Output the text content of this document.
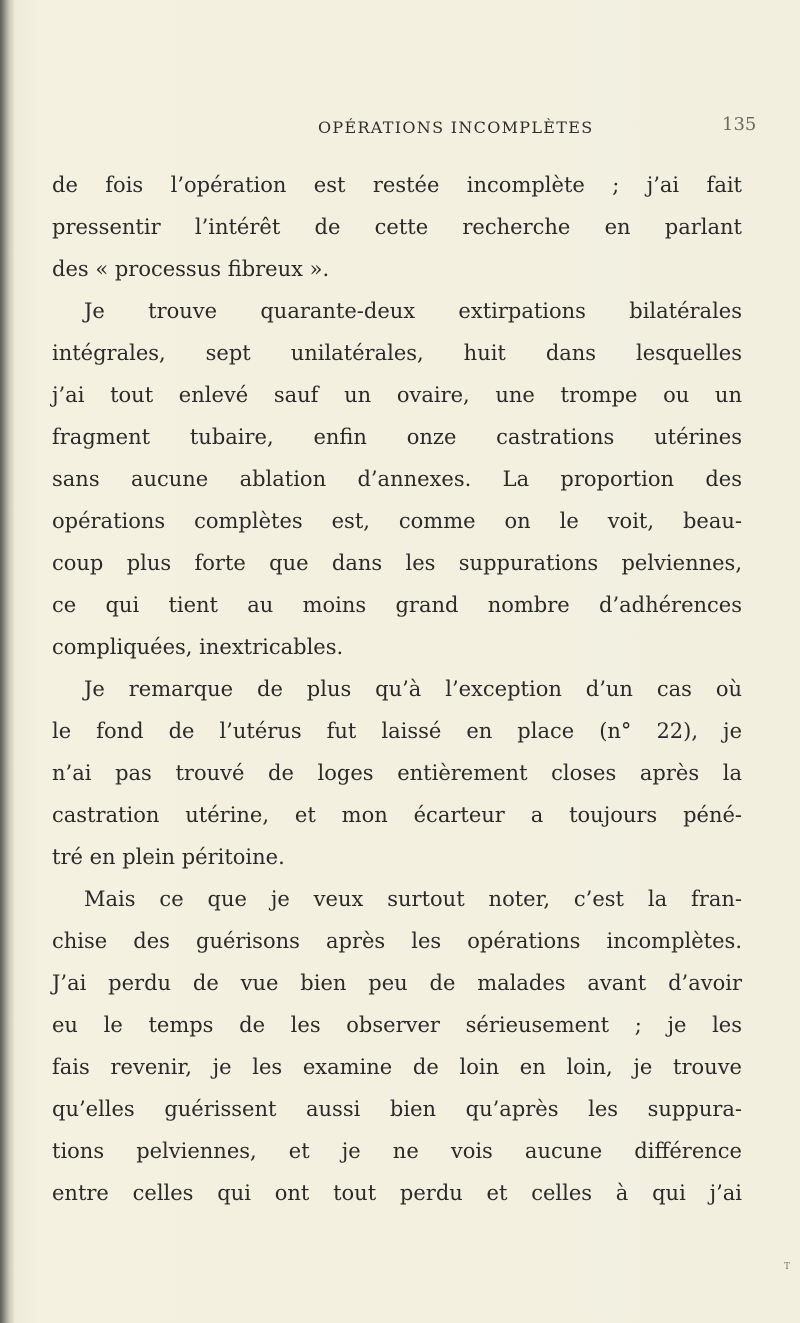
OPÉRATIONS INCOMPLÈTES	135
de fois l’opération est restée incomplète ; j’ai fait
pressentir l’intérêt de cette recherche en parlant
des « processus fibreux ».
Je trouve quarante-deux extirpations bilatérales
intégrales, sept unilatérales, huit dans lesquelles
j’ai tout enlevé sauf un ovaire, une trompe ou un
fragment tubaire, enfin onze castrations utérines
sans aucune ablation d’annexes. La proportion des
opérations complètes est, comme on le voit, beau-
coup plus forte que dans les suppurations pelviennes,
ce qui tient au moins grand nombre d’adhérences
compliquées, inextricables.
Je remarque de plus qu’à l’exception d’un cas où
le fond de l’utérus fut laissé en place (n° 22), je
n’ai pas trouvé de loges entièrement closes après la
castration utérine, et mon écarteur a toujours péné-
tré en plein péritoine.
Mais ce que je veux surtout noter, c’est la fran-
chise des guérisons après les opérations incomplètes.
J’ai perdu de vue bien peu de malades avant d’avoir
eu le temps de les observer sérieusement ; je les
fais revenir, je les examine de loin en loin, je trouve
qu’elles guérissent aussi bien qu’après les suppura-
tions pelviennes, et je ne vois aucune différence
entre celles qui ont tout perdu et celles à qui j’ai
T
